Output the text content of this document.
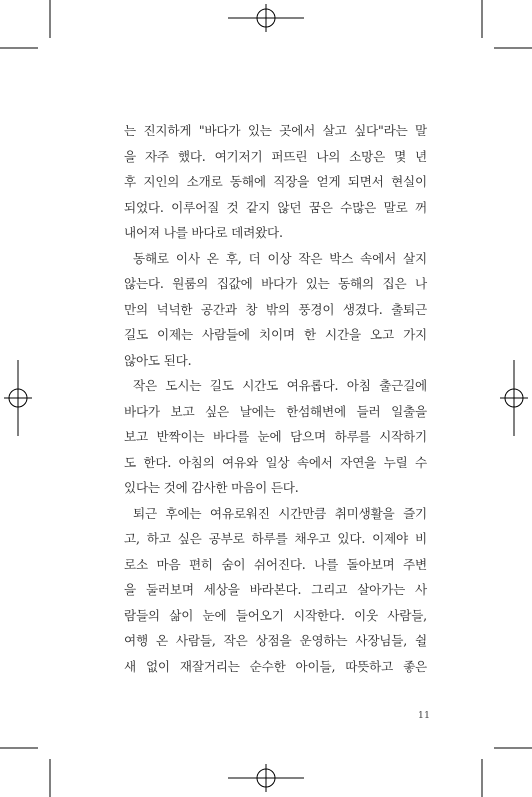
는 진지하게 "바다가 있는 곳에서 살고 싶다"라는 말
을 자주 했다. 여기저기 퍼뜨린 나의 소망은 몇 년
후 지인의 소개로 동해에 직장을 얻게 되면서 현실이
되었다. 이루어질 것 같지 않던 꿈은 수많은 말로 꺼
내어져 나를 바다로 데려왔다.
동해로 이사 온 후, 더 이상 작은 박스 속에서 살지
않는다. 원룸의 집값에 바다가 있는 동해의 집은 나
만의 넉넉한 공간과 창 밖의 풍경이 생겼다. 출퇴근
길도 이제는 사람들에 치이며 한 시간을 오고 가지
않아도 된다.
작은 도시는 길도 시간도 여유롭다. 아침 출근길에
바다가 보고 싶은 날에는 한섬해변에 들러 일출을
보고 반짝이는 바다를 눈에 담으며 하루를 시작하기
도 한다. 아침의 여유와 일상 속에서 자연을 누릴 수
있다는 것에 감사한 마음이 든다.
퇴근 후에는 여유로워진 시간만큼 취미생활을 즐기
고, 하고 싶은 공부로 하루를 채우고 있다. 이제야 비
로소 마음 편히 숨이 쉬어진다. 나를 돌아보며 주변
을 둘러보며 세상을 바라본다. 그리고 살아가는 사
람들의 삶이 눈에 들어오기 시작한다. 이웃 사람들,
여행 온 사람들, 작은 상점을 운영하는 사장님들, 쉴
새 없이 재잘거리는 순수한 아이들, 따뜻하고 좋은
11
